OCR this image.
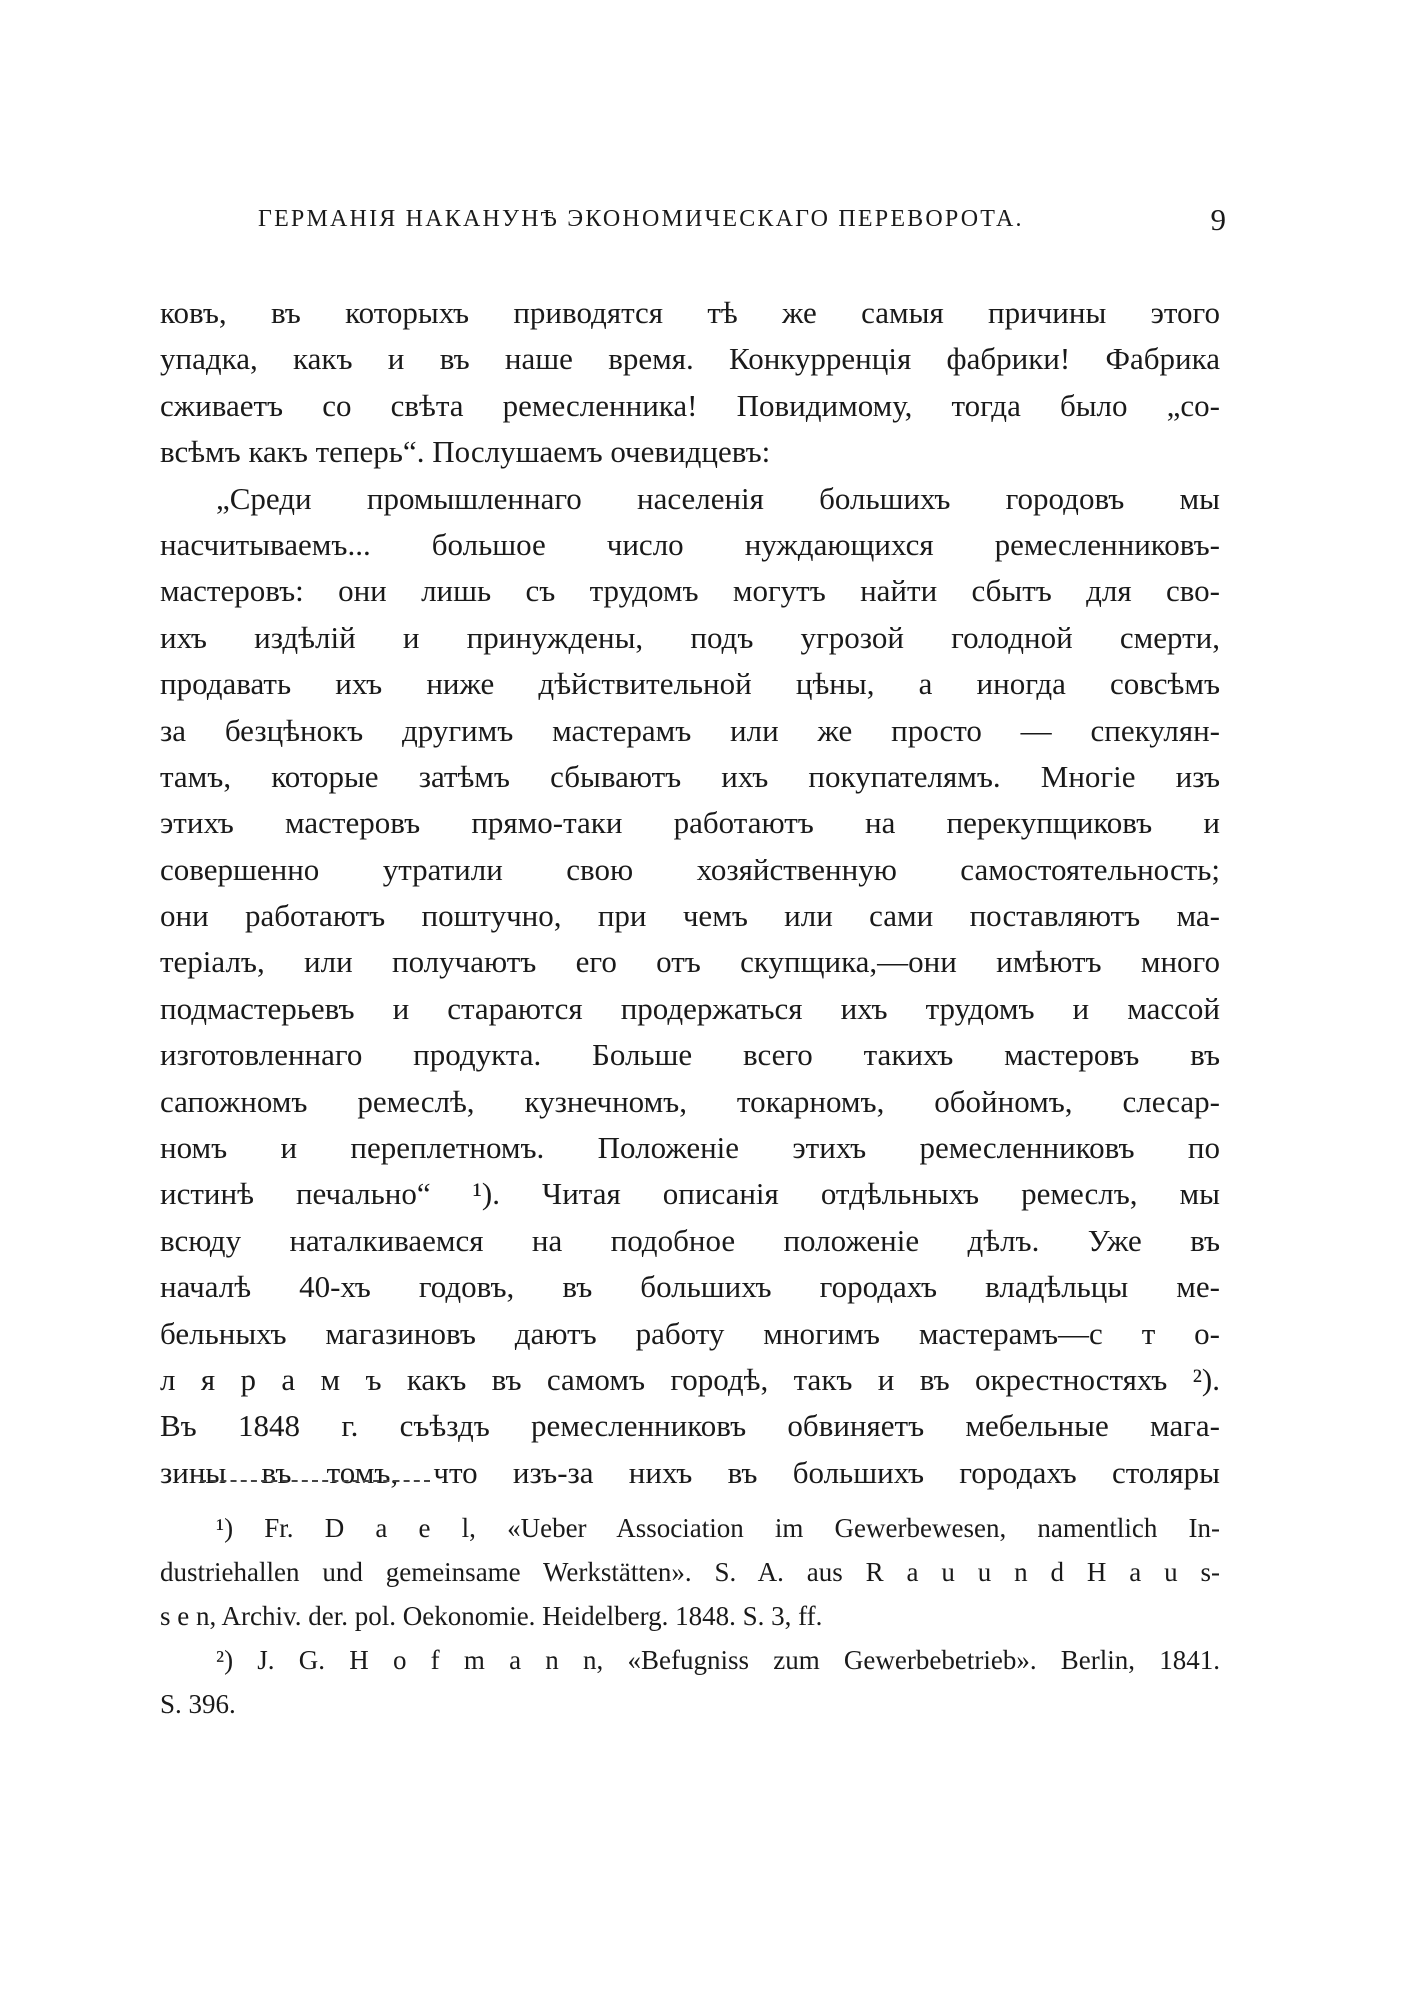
ГЕРМАНІЯ НАКАНУНѢ ЭКОНОМИЧЕСКАГО ПЕРЕВОРОТА.	9
ковъ, въ которыхъ приводятся тѣ же самыя причины этого
упадка, какъ и въ наше время. Конкурренція фабрики! Фабрика
сживаетъ со свѣта ремесленника! Повидимому, тогда было „со-
всѣмъ какъ теперь“. Послушаемъ очевидцевъ:
„Среди промышленнаго населенія большихъ городовъ мы
насчитываемъ... большое число нуждающихся ремесленниковъ-
мастеровъ: они лишь съ трудомъ могутъ найти сбытъ для сво-
ихъ издѣлій и принуждены, подъ угрозой голодной смерти,
продавать ихъ ниже дѣйствительной цѣны, а иногда совсѣмъ
за безцѣнокъ другимъ мастерамъ или же просто — спекулян-
тамъ, которые затѣмъ сбываютъ ихъ покупателямъ. Многіе изъ
этихъ мастеровъ прямо-таки работаютъ на перекупщиковъ и
совершенно утратили свою хозяйственную самостоятельность;
они работаютъ поштучно, при чемъ или сами поставляютъ ма-
теріалъ, или получаютъ его отъ скупщика,—они имѣютъ много
подмастерьевъ и стараются продержаться ихъ трудомъ и массой
изготовленнаго продукта. Больше всего такихъ мастеровъ въ
сапожномъ ремеслѣ, кузнечномъ, токарномъ, обойномъ, слесар-
номъ и переплетномъ. Положеніе этихъ ремесленниковъ по
истинѣ печально“ ¹). Читая описанія отдѣльныхъ ремеслъ, мы
всюду наталкиваемся на подобное положеніе дѣлъ. Уже въ
началѣ 40-хъ годовъ, въ большихъ городахъ владѣльцы ме-
бельныхъ магазиновъ даютъ работу многимъ мастерамъ—с т о-
л я р а м ъ какъ въ самомъ городѣ, такъ и въ окрестностяхъ ²).
Въ 1848 г. съѣздъ ремесленниковъ обвиняетъ мебельные мага-
зины въ томъ, что изъ-за нихъ въ большихъ городахъ столяры
¹) Fr. D a e l, «Ueber Association im Gewerbewesen, namentlich In-
dustriehallen und gemeinsame Werkstätten». S. A. aus R a u u n d H a u s-
s e n, Archiv. der. pol. Oekonomie. Heidelberg. 1848. S. 3, ff.
²) J. G. H o f m a n n, «Befugniss zum Gewerbebetrieb». Berlin, 1841.
S. 396.
